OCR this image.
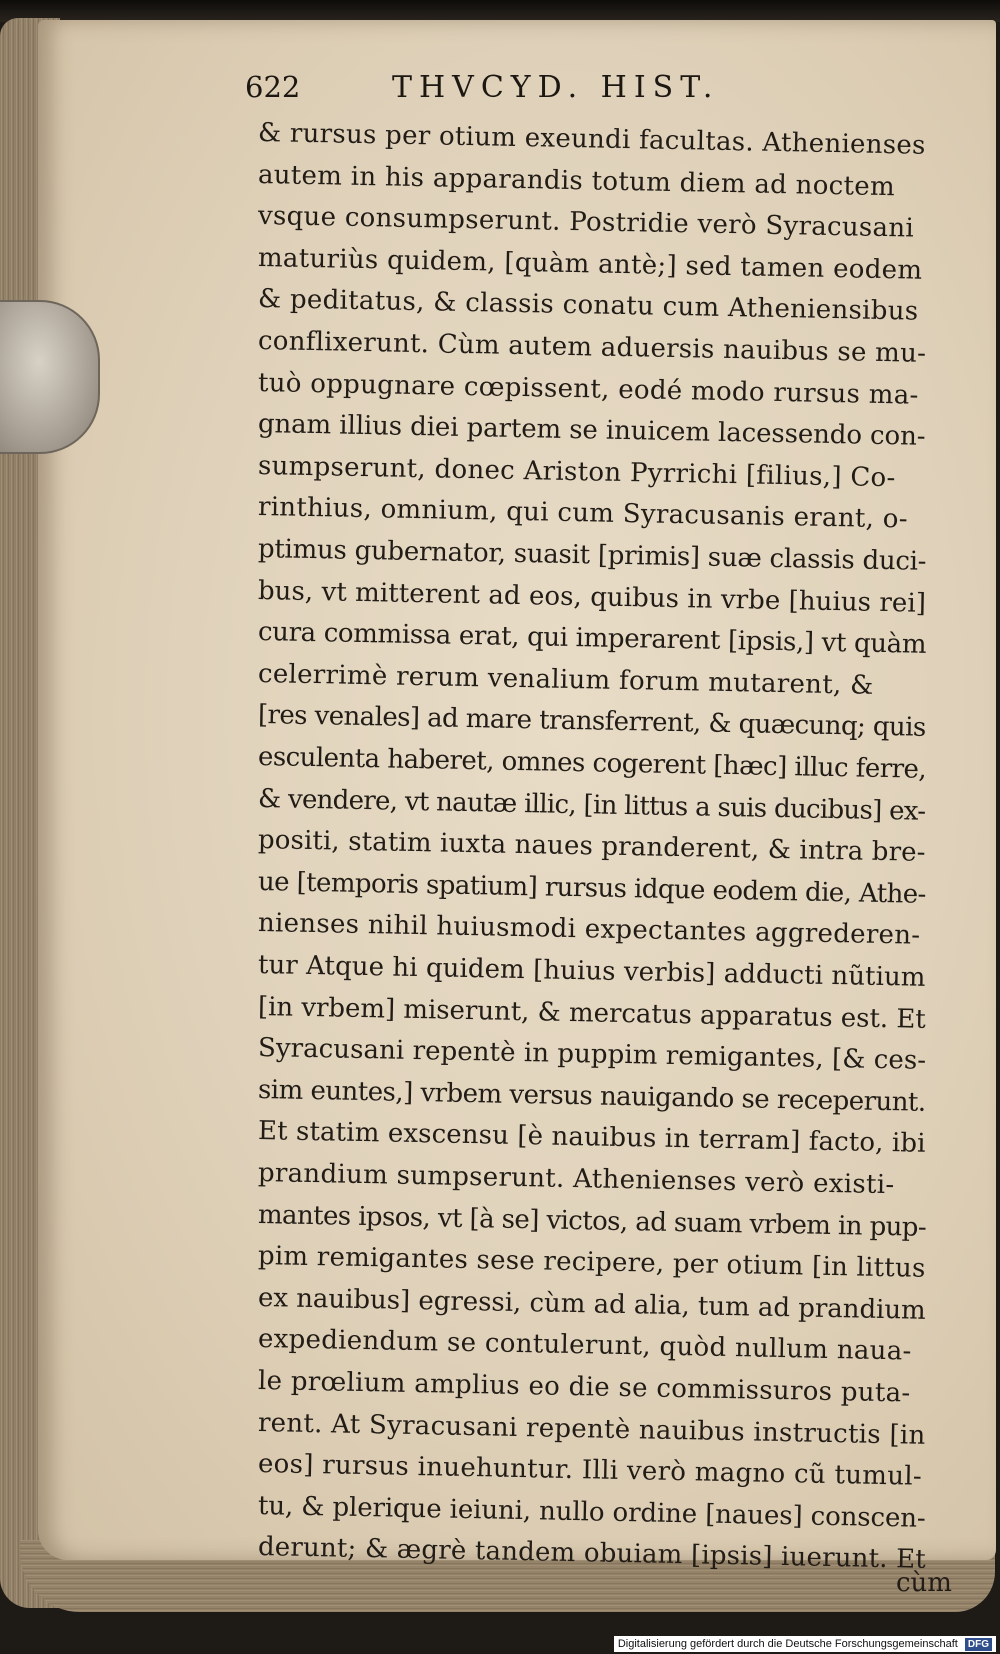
622	THVCYD. HIST.
& rursus per otium exeundi facultas. Athenienses
autem in his apparandis totum diem ad noctem
vsque consumpserunt. Postridie verò Syracusani
maturiùs quidem, [quàm antè;] sed tamen eodem
& peditatus, & classis conatu cum Atheniensibus
conflixerunt. Cùm autem aduersis nauibus se mu-
tuò oppugnare cœpissent, eodé modo rursus ma-
gnam illius diei partem se inuicem lacessendo con-
sumpserunt, donec Ariston Pyrrichi [filius,] Co-
rinthius, omnium, qui cum Syracusanis erant, o-
ptimus gubernator, suasit [primis] suæ classis duci-
bus, vt mitterent ad eos, quibus in vrbe [huius rei]
cura commissa erat, qui imperarent [ipsis,] vt quàm
celerrimè rerum venalium forum mutarent, &
[res venales] ad mare transferrent, & quæcunq; quis
esculenta haberet, omnes cogerent [hæc] illuc ferre,
& vendere, vt nautæ illic, [in littus a suis ducibus] ex-
positi, statim iuxta naues pranderent, & intra bre-
ue [temporis spatium] rursus idque eodem die, Athe-
nienses nihil huiusmodi expectantes aggrederen-
tur Atque hi quidem [huius verbis] adducti nũtium
[in vrbem] miserunt, & mercatus apparatus est. Et
Syracusani repentè in puppim remigantes, [& ces-
sim euntes,] vrbem versus nauigando se receperunt.
Et statim exscensu [è nauibus in terram] facto, ibi
prandium sumpserunt. Athenienses verò existi-
mantes ipsos, vt [à se] victos, ad suam vrbem in pup-
pim remigantes sese recipere, per otium [in littus
ex nauibus] egressi, cùm ad alia, tum ad prandium
expediendum se contulerunt, quòd nullum naua-
le prœlium amplius eo die se commissuros puta-
rent. At Syracusani repentè nauibus instructis [in
eos] rursus inuehuntur. Illi verò magno cũ tumul-
tu, & plerique ieiuni, nullo ordine [naues] conscen-
derunt; & ægrè tandem obuiam [ipsis] iuerunt. Et
cùm
Digitalisierung gefördert durch die Deutsche Forschungsgemeinschaft DFG
